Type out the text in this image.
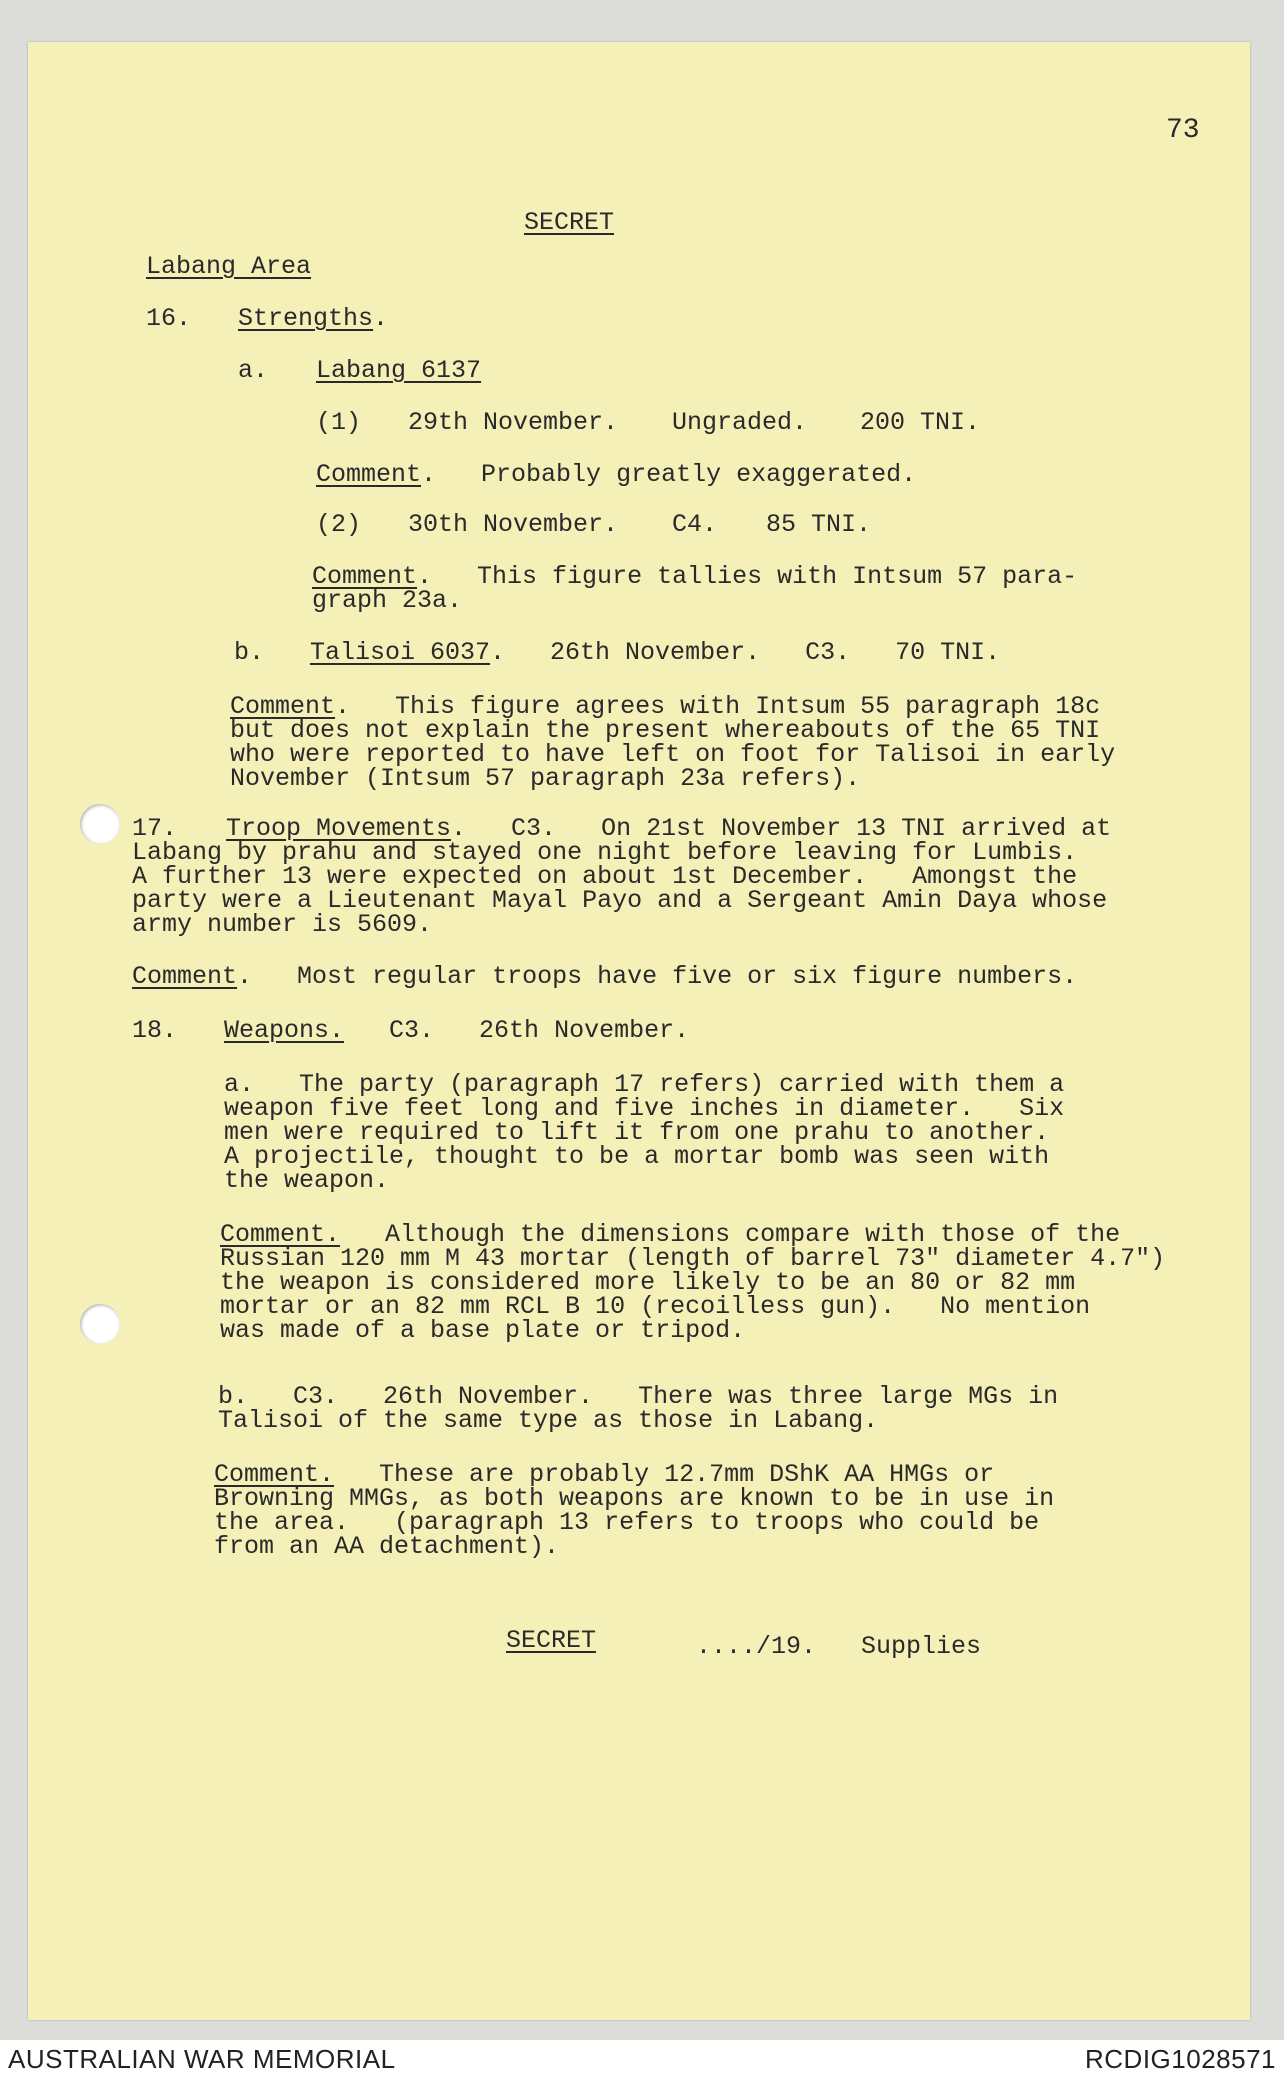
73
SECRET
Labang Area
16. Strengths.
a. Labang 6137
(1) 29th November. Ungraded. 200 TNI.
Comment.   Probably greatly exaggerated.
(2) 30th November. C4. 85 TNI.
Comment.   This figure tallies with Intsum 57 para-
graph 23a.
b. Talisoi 6037.   26th November.   C3.   70 TNI.
Comment.   This figure agrees with Intsum 55 paragraph 18c
but does not explain the present whereabouts of the 65 TNI
who were reported to have left on foot for Talisoi in early
November (Intsum 57 paragraph 23a refers).
17. Troop Movements.   C3.   On 21st November 13 TNI arrived at
Labang by prahu and stayed one night before leaving for Lumbis.
A further 13 were expected on about 1st December.   Amongst the
party were a Lieutenant Mayal Payo and a Sergeant Amin Daya whose
army number is 5609.
Comment.   Most regular troops have five or six figure numbers.
18. Weapons.   C3.   26th November.
a.   The party (paragraph 17 refers) carried with them a
weapon five feet long and five inches in diameter.   Six
men were required to lift it from one prahu to another.
A projectile, thought to be a mortar bomb was seen with
the weapon.
Comment.   Although the dimensions compare with those of the
Russian 120 mm M 43 mortar (length of barrel 73" diameter 4.7")
the weapon is considered more likely to be an 80 or 82 mm
mortar or an 82 mm RCL B 10 (recoilless gun).   No mention
was made of a base plate or tripod.
b.   C3.   26th November.   There was three large MGs in
Talisoi of the same type as those in Labang.
Comment.   These are probably 12.7mm DShK AA HMGs or
Browning MMGs, as both weapons are known to be in use in
the area.   (paragraph 13 refers to troops who could be
from an AA detachment).
SECRET	..../19.   Supplies
AUSTRALIAN WAR MEMORIAL	RCDIG1028571
